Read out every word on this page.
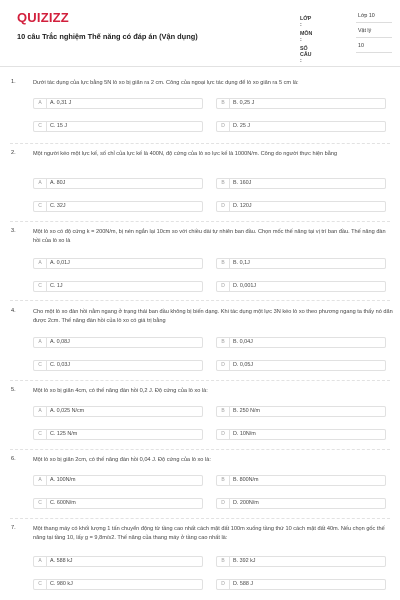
QUIZIZZ
10 câu Trắc nghiệm Thế năng có đáp án (Vận dụng)
LỚP :
Lớp 10
MÔN :
Vật lý
SỐ CÂU :
10
1.	Dưới tác dụng của lực bằng 5N lò xo bị giãn ra 2 cm. Công của ngoại lực tác dụng để lò xo giãn ra 5 cm là:
A	A. 0,31 J	B	B. 0,25 J
C	C. 15 J	D	D. 25 J
2.	Một người kéo một lực kế, số chỉ của lực kế là 400N, độ cứng của lò xo lực kế là 1000N/m. Công do người thực hiện bằng
A	A. 80J	B	B. 160J
C	C. 32J	D	D. 120J
3.	Một lò xo có độ cứng k = 200N/m, bị nén ngắn lại 10cm so với chiều dài tự nhiên ban đầu. Chọn mốc thế năng tại vị trí ban đầu. Thế năng đàn hồi của lò xo là
A	A. 0,01J	B	B. 0,1J
C	C. 1J	D	D. 0,001J
4.	Cho một lò xo đàn hồi nằm ngang ở trạng thái ban đầu không bị biến dạng. Khi tác dụng một lực 3N kéo lò xo theo phương ngang ta thấy nó dãn được 2cm. Thế năng đàn hồi của lò xo có giá trị bằng
A	A. 0,08J	B	B. 0,04J
C	C. 0,03J	D	D. 0,05J
5.	Một lò xo bị giãn 4cm, có thế năng đàn hồi 0,2 J. Độ cứng của lò xo là:
A	A. 0,025 N/cm	B	B. 250 N/m
C	C. 125 N/m	D	D. 10N/m
6.	Một lò xo bị giãn 2cm, có thế năng đàn hồi 0,04 J. Độ cứng của lò xo là:
A	A. 100N/m	B	B. 800N/m
C	C. 600N/m	D	D. 200N/m
7.	Một thang máy có khối lượng 1 tấn chuyển động từ tầng cao nhất cách mặt đất 100m xuống tầng thứ 10 cách mặt đất 40m. Nếu chọn gốc thế năng tại tầng 10, lấy g = 9,8m/s2. Thế năng của thang máy ở tầng cao nhất là:
A	A. 588 kJ	B	B. 392 kJ
C	C. 980 kJ	D	D. 588 J
